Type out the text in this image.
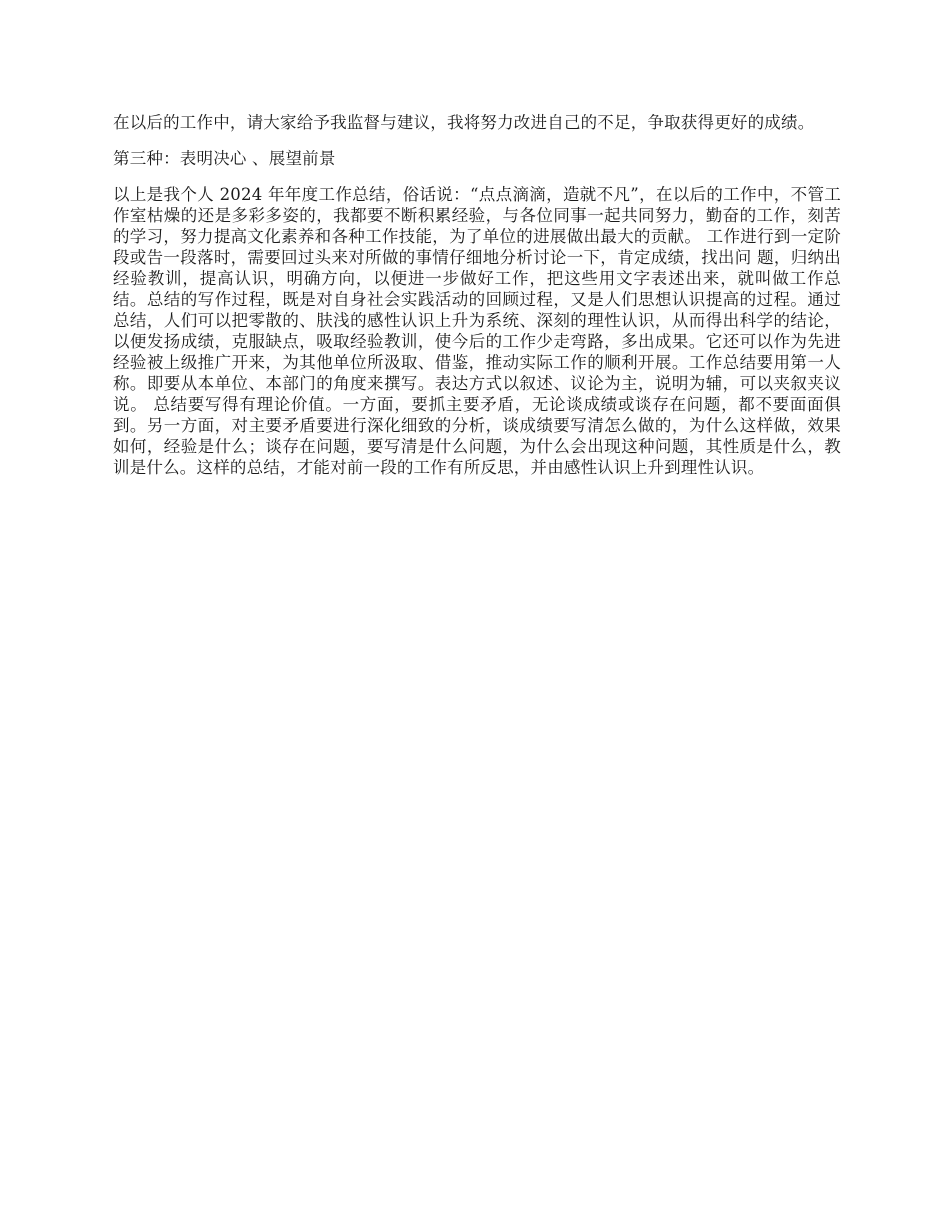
在以后的工作中，请大家给予我监督与建议，我将努力改进自己的不足，争取获得更好的成绩。

第三种：表明决心 、展望前景

以上是我个人 2024 年年度工作总结，俗话说：“点点滴滴，造就不凡”，在以后的工作中，不管工作室枯燥的还是多彩多姿的，我都要不断积累经验，与各位同事一起共同努力，勤奋的工作，刻苦的学习，努力提高文化素养和各种工作技能，为了单位的进展做出最大的贡献。 工作进行到一定阶段或告一段落时，需要回过头来对所做的事情仔细地分析讨论一下，肯定成绩，找出问 题，归纳出经验教训，提高认识，明确方向，以便进一步做好工作，把这些用文字表述出来，就叫做工作总结。总结的写作过程，既是对自身社会实践活动的回顾过程，又是人们思想认识提高的过程。通过总结，人们可以把零散的、肤浅的感性认识上升为系统、深刻的理性认识，从而得出科学的结论，以便发扬成绩，克服缺点，吸取经验教训，使今后的工作少走弯路，多出成果。它还可以作为先进经验被上级推广开来，为其他单位所汲取、借鉴，推动实际工作的顺利开展。工作总结要用第一人称。即要从本单位、本部门的角度来撰写。表达方式以叙述、议论为主，说明为辅，可以夹叙夹议说。 总结要写得有理论价值。一方面，要抓主要矛盾，无论谈成绩或谈存在问题，都不要面面俱到。另一方面，对主要矛盾要进行深化细致的分析，谈成绩要写清怎么做的，为什么这样做，效果如何，经验是什么；谈存在问题，要写清是什么问题，为什么会出现这种问题，其性质是什么，教训是什么。这样的总结，才能对前一段的工作有所反思，并由感性认识上升到理性认识。
